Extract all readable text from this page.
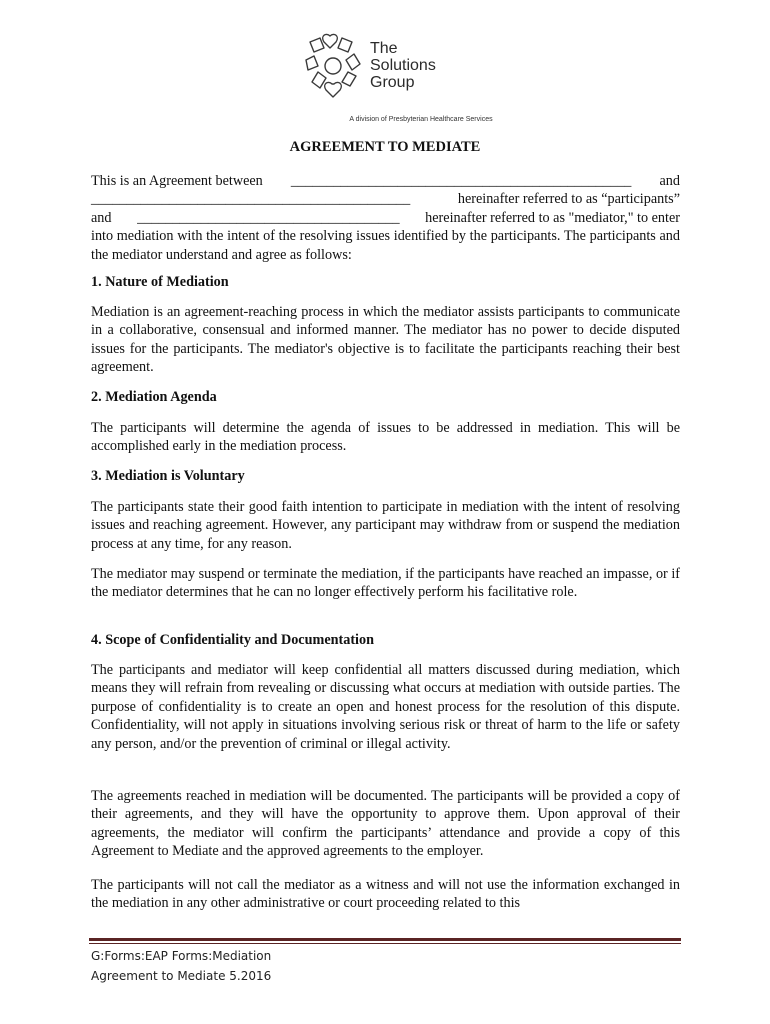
The
Solutions
Group
A division of Presbyterian Healthcare Services
AGREEMENT TO MEDIATE
This is an Agreement between ________________________________________________ and
_____________________________________________	hereinafter referred to as “participants”
and _____________________________________ hereinafter referred to as "mediator," to enter

into mediation with the intent of the resolving issues identified by the participants. The participants and the mediator understand and agree as follows:

1. Nature of Mediation
Mediation is an agreement-reaching process in which the mediator assists participants to communicate in a collaborative, consensual and informed manner. The mediator has no power to decide disputed issues for the participants. The mediator's objective is to facilitate the participants reaching their best agreement.
2. Mediation Agenda
The participants will determine the agenda of issues to be addressed in mediation. This will be accomplished early in the mediation process.
3. Mediation is Voluntary
The participants state their good faith intention to participate in mediation with the intent of resolving issues and reaching agreement. However, any participant may withdraw from or suspend the mediation process at any time, for any reason.
The mediator may suspend or terminate the mediation, if the participants have reached an impasse, or if the mediator determines that he can no longer effectively perform his facilitative role.
4. Scope of Confidentiality and Documentation
The participants and mediator will keep confidential all matters discussed during mediation, which means they will refrain from revealing or discussing what occurs at mediation with outside parties. The purpose of confidentiality is to create an open and honest process for the resolution of this dispute. Confidentiality, will not apply in situations involving serious risk or threat of harm to the life or safety any person, and/or the prevention of criminal or illegal activity.
The agreements reached in mediation will be documented. The participants will be provided a copy of their agreements, and they will have the opportunity to approve them. Upon approval of their agreements, the mediator will confirm the participants’ attendance and provide a copy of this Agreement to Mediate and the approved agreements to the employer.
The participants will not call the mediator as a witness and will not use the information exchanged in the mediation in any other administrative or court proceeding related to this
G:Forms:EAP Forms:Mediation
Agreement to Mediate 5.2016
